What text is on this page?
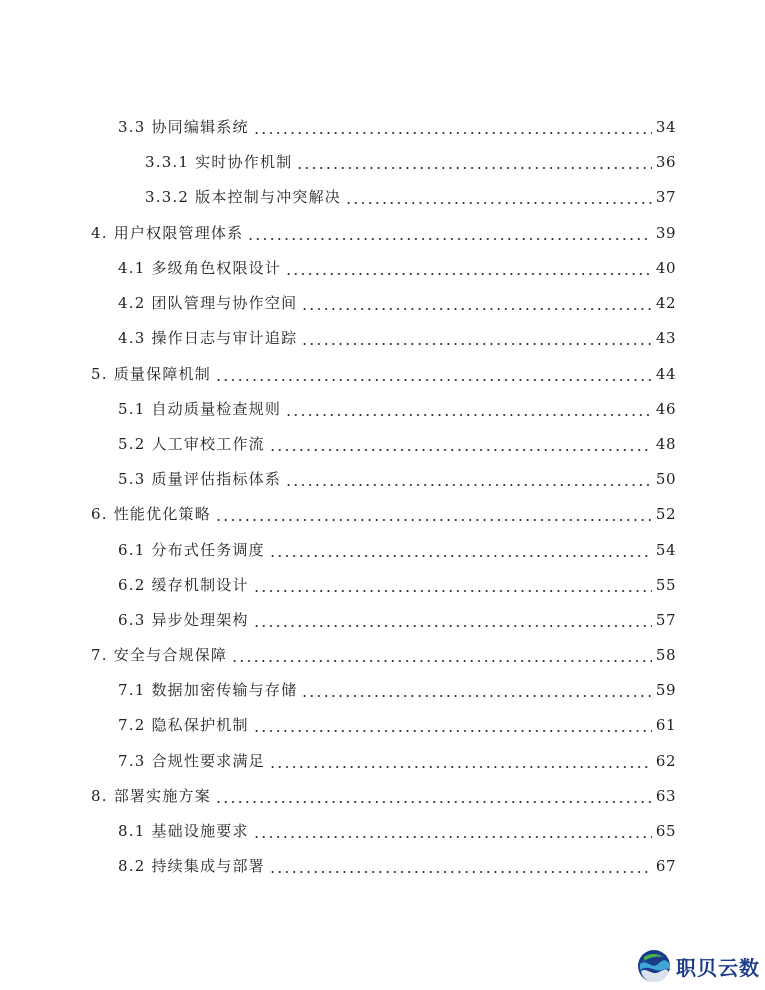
3.3 协同编辑系统	34
3.3.1 实时协作机制	36
3.3.2 版本控制与冲突解决	37
4. 用户权限管理体系	39
4.1 多级角色权限设计	40
4.2 团队管理与协作空间	42
4.3 操作日志与审计追踪	43
5. 质量保障机制	44
5.1 自动质量检查规则	46
5.2 人工审校工作流	48
5.3 质量评估指标体系	50
6. 性能优化策略	52
6.1 分布式任务调度	54
6.2 缓存机制设计	55
6.3 异步处理架构	57
7. 安全与合规保障	58
7.1 数据加密传输与存储	59
7.2 隐私保护机制	61
7.3 合规性要求满足	62
8. 部署实施方案	63
8.1 基础设施要求	65
8.2 持续集成与部署	67
职贝云数
